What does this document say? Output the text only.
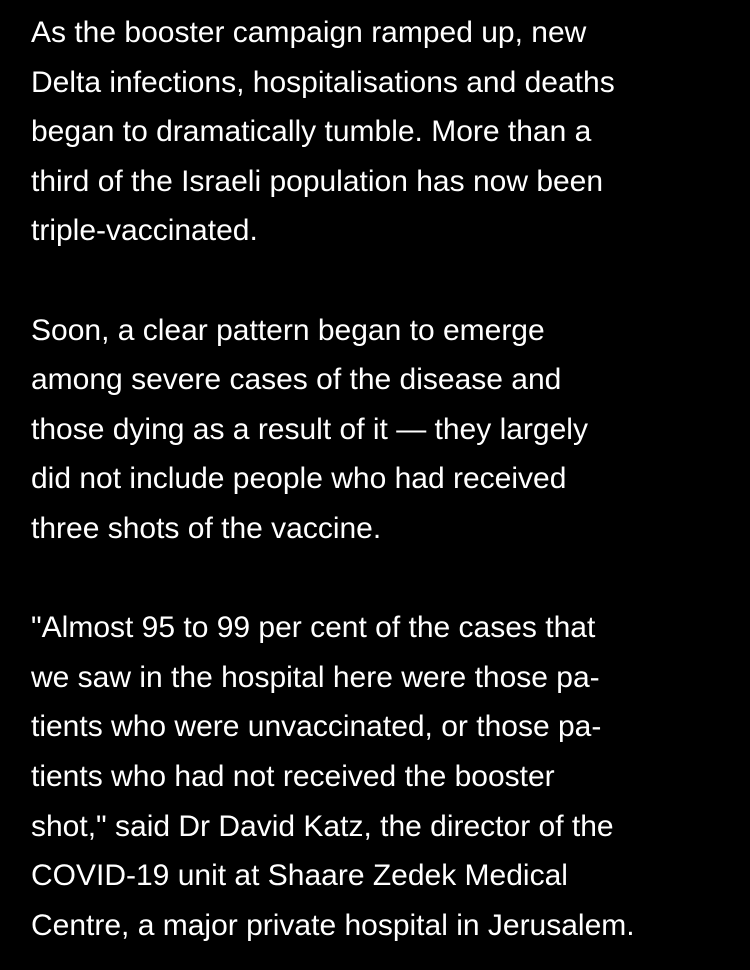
As the booster campaign ramped up, new
Delta infections, hospitalisations and deaths
began to dramatically tumble. More than a
third of the Israeli population has now been
triple-vaccinated.

Soon, a clear pattern began to emerge
among severe cases of the disease and
those dying as a result of it — they largely
did not include people who had received
three shots of the vaccine.

"Almost 95 to 99 per cent of the cases that
we saw in the hospital here were those pa-
tients who were unvaccinated, or those pa-
tients who had not received the booster
shot," said Dr David Katz, the director of the
COVID-19 unit at Shaare Zedek Medical
Centre, a major private hospital in Jerusalem.
